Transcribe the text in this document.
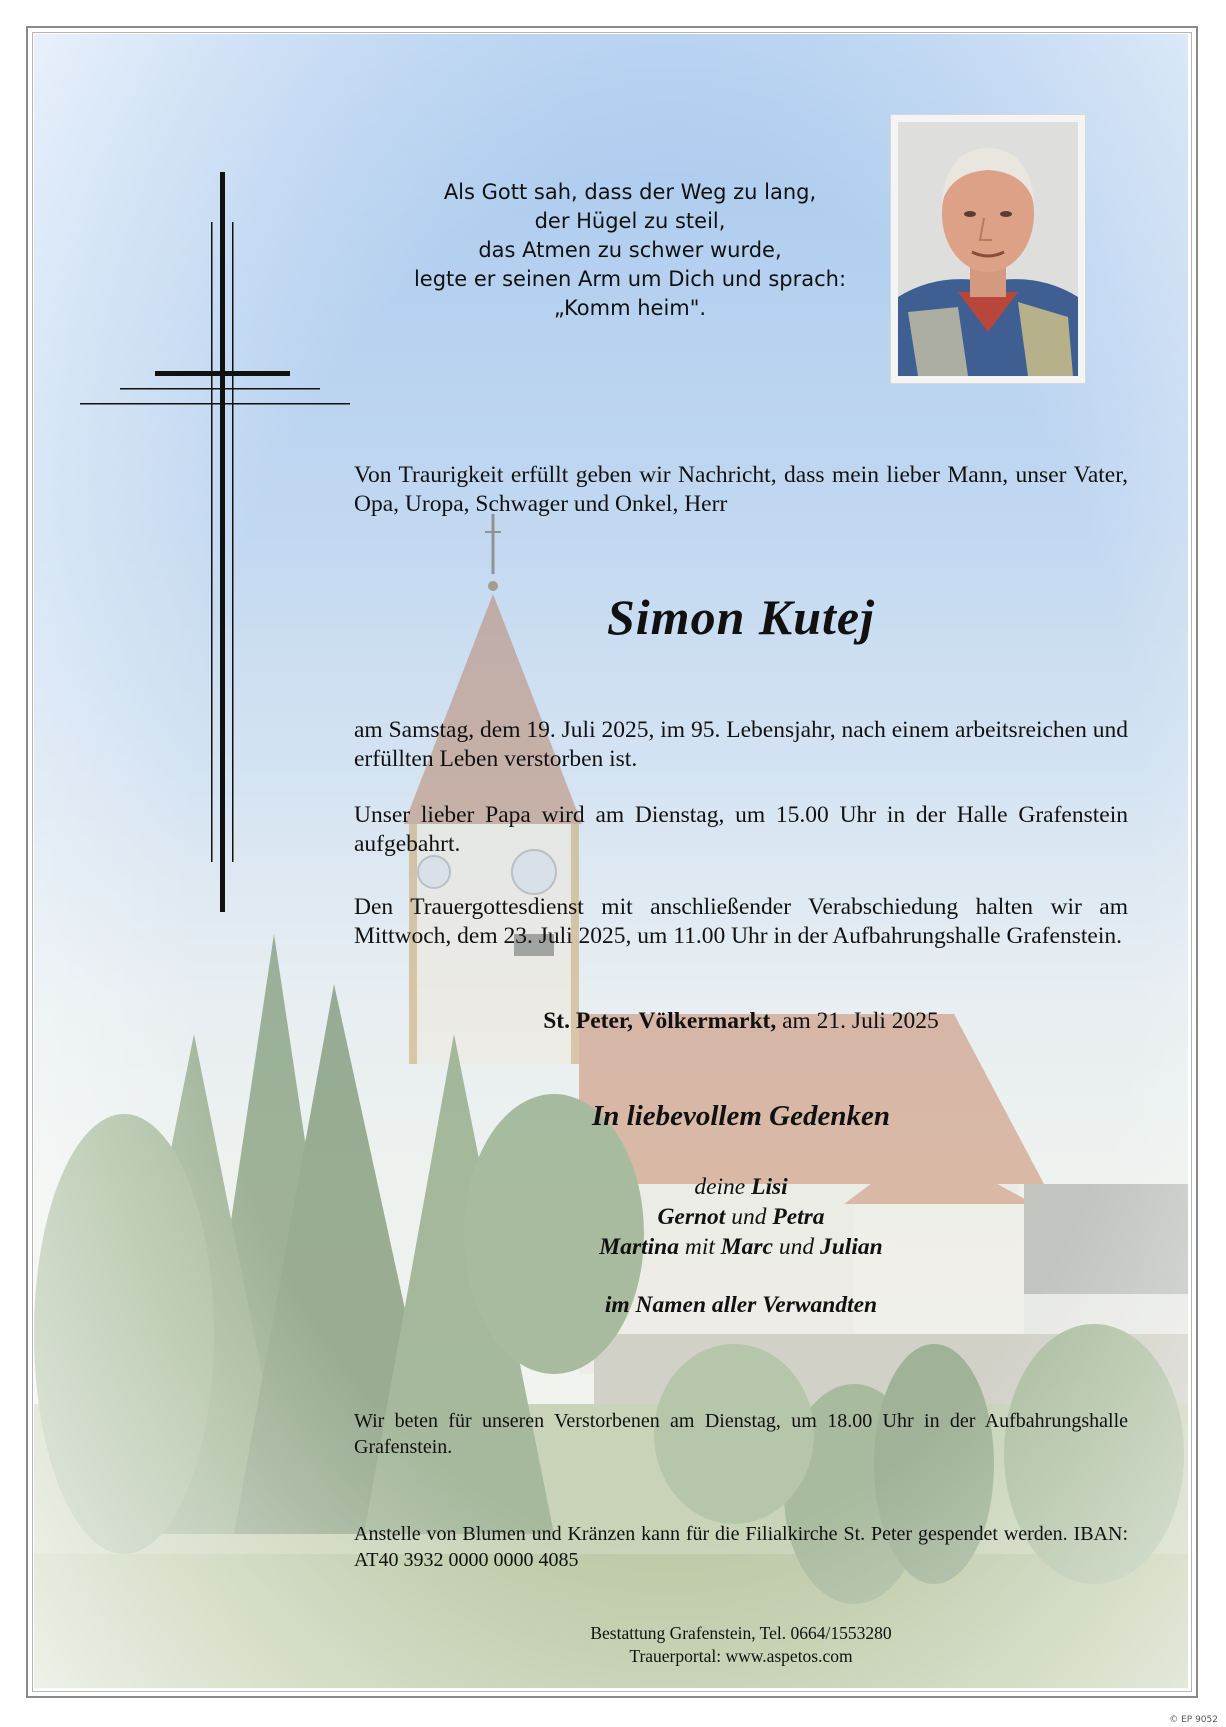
Als Gott sah, dass der Weg zu lang,
der Hügel zu steil,
das Atmen zu schwer wurde,
legte er seinen Arm um Dich und sprach:
„Komm heim".
Von Traurigkeit erfüllt geben wir Nachricht, dass mein lieber Mann, unser Vater, Opa, Uropa, Schwager und Onkel, Herr
Simon Kutej
am Samstag, dem 19. Juli 2025, im 95. Lebensjahr, nach einem arbeitsreichen und erfüllten Leben verstorben ist.
Unser lieber Papa wird am Dienstag, um 15.00 Uhr in der Halle Grafenstein aufgebahrt.
Den Trauergottesdienst mit anschließender Verabschiedung halten wir am Mittwoch, dem 23. Juli 2025, um 11.00 Uhr in der Aufbahrungshalle Grafenstein.
St. Peter, Völkermarkt, am 21. Juli 2025
In liebevollem Gedenken
deine Lisi
Gernot und Petra
Martina mit Marc und Julian
im Namen aller Verwandten
Wir beten für unseren Verstorbenen am Dienstag, um 18.00 Uhr in der Aufbahrungshalle Grafenstein.
Anstelle von Blumen und Kränzen kann für die Filialkirche St. Peter gespendet werden. IBAN: AT40 3932 0000 0000 4085
Bestattung Grafenstein, Tel. 0664/1553280
Trauerportal: www.aspetos.com
© EP 9052
